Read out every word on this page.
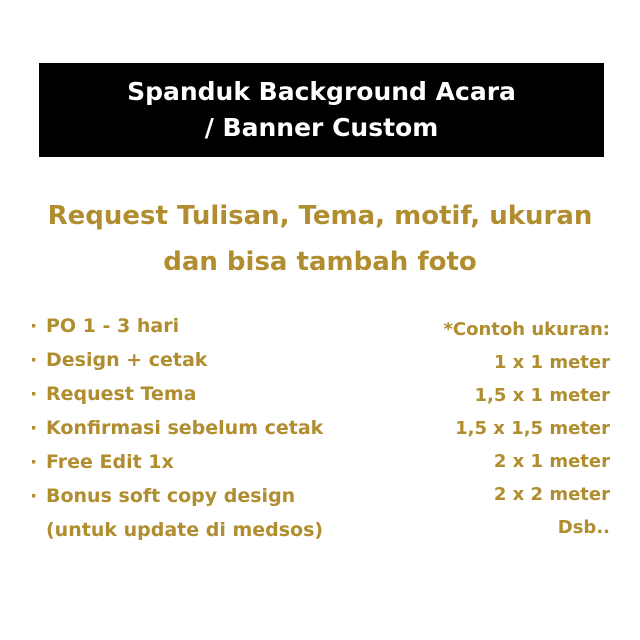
Spanduk Background Acara
/ Banner Custom
Request Tulisan, Tema, motif, ukuran
dan bisa tambah foto
· PO 1 - 3 hari
· Design + cetak
· Request Tema
· Konfirmasi sebelum cetak
· Free Edit 1x
· Bonus soft copy design
(untuk update di medsos)
*Contoh ukuran:
1 x 1 meter
1,5 x 1 meter
1,5 x 1,5 meter
2 x 1 meter
2 x 2 meter
Dsb..
